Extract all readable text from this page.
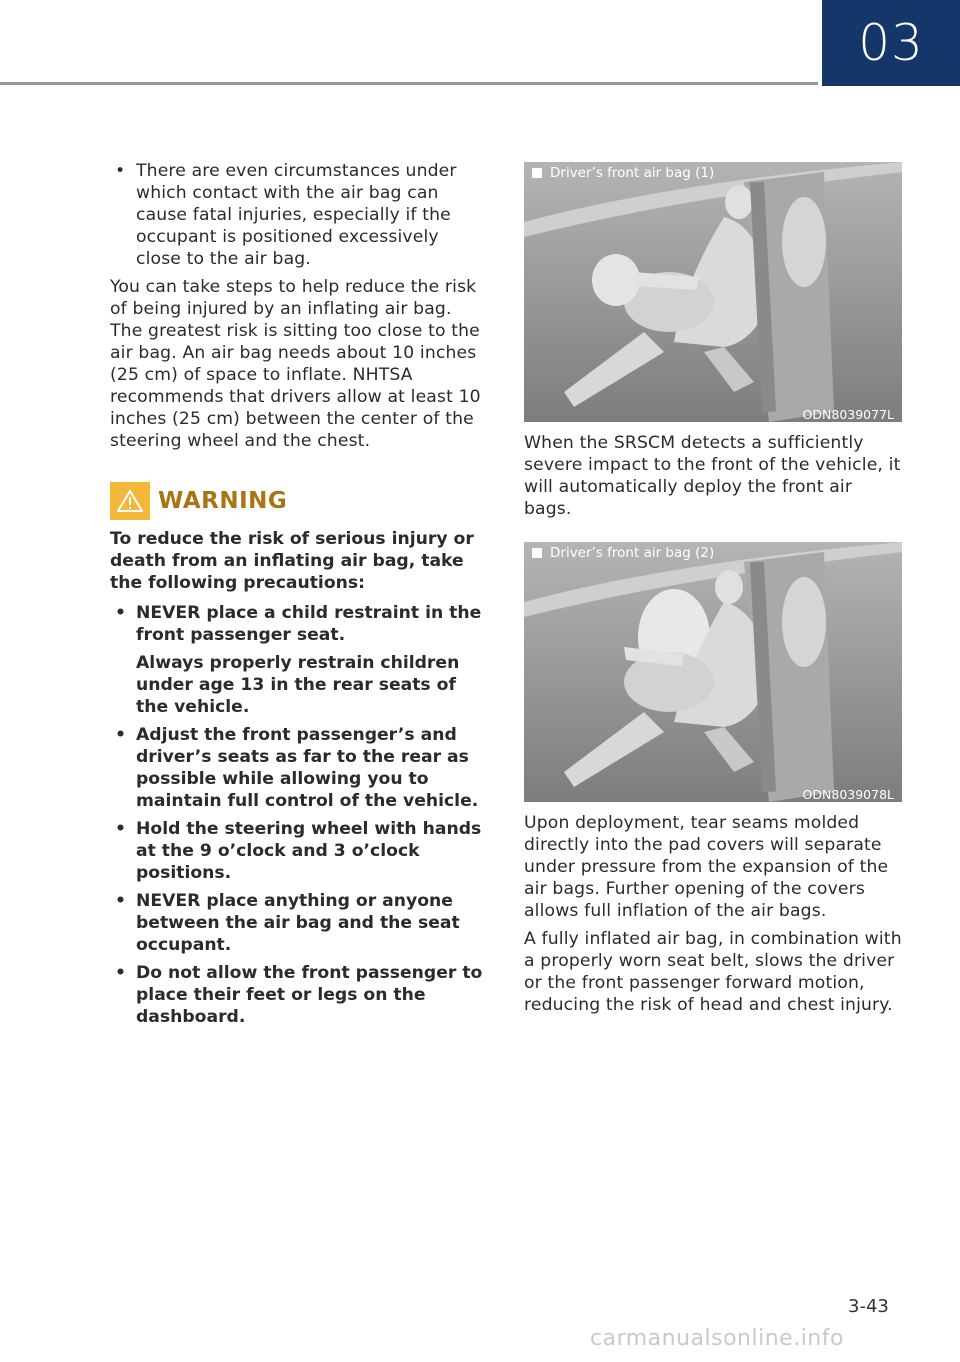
03
• There are even circumstances under which contact with the air bag can cause fatal injuries, especially if the occupant is positioned excessively close to the air bag.

You can take steps to help reduce the risk of being injured by an inflating air bag. The greatest risk is sitting too close to the air bag. An air bag needs about 10 inches (25 cm) of space to inflate. NHTSA recommends that drivers allow at least 10 inches (25 cm) between the center of the steering wheel and the chest.

WARNING
To reduce the risk of serious injury or death from an inflating air bag, take the following precautions:
• NEVER place a child restraint in the front passenger seat.
Always properly restrain children under age 13 in the rear seats of the vehicle.
• Adjust the front passenger’s and driver’s seats as far to the rear as possible while allowing you to maintain full control of the vehicle.
• Hold the steering wheel with hands at the 9 o’clock and 3 o’clock positions.
• NEVER place anything or anyone between the air bag and the seat occupant.
• Do not allow the front passenger to place their feet or legs on the dashboard.
Driver’s front air bag (1)
ODN8039077L

When the SRSCM detects a sufficiently severe impact to the front of the vehicle, it will automatically deploy the front air bags.

Driver’s front air bag (2)
ODN8039078L

Upon deployment, tear seams molded directly into the pad covers will separate under pressure from the expansion of the air bags. Further opening of the covers allows full inflation of the air bags.

A fully inflated air bag, in combination with a properly worn seat belt, slows the driver or the front passenger forward motion, reducing the risk of head and chest injury.

3-43
carmanualsonline.info
